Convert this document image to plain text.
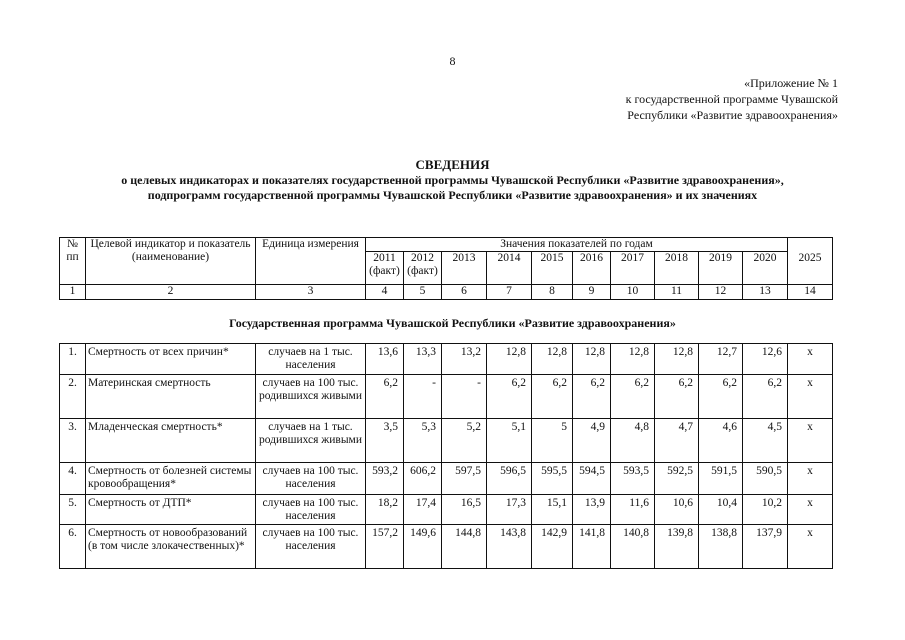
8
«Приложение № 1
к государственной программе Чувашской
Республики «Развитие здравоохранения»
СВЕДЕНИЯ
о целевых индикаторах и показателях государственной программы Чувашской Республики «Развитие здравоохранения»,
подпрограмм государственной программы Чувашской Республики «Развитие здравоохранения» и их значениях
№ пп	Целевой индикатор и показатель (наименование)	Единица измерения	Значения показателей по годам										
			2011 (факт)	2012 (факт)	2013	2014	2015	2016	2017	2018	2019	2020	2025
1	2	3	4	5	6	7	8	9	10	11	12	13	14
Государственная программа Чувашской Республики «Развитие здравоохранения»
1.	Смертность от всех причин*	случаев на 1 тыс. населения	13,6	13,3	13,2	12,8	12,8	12,8	12,8	12,8	12,7	12,6	х
2.	Материнская смертность	случаев на 100 тыс. родившихся живыми	6,2	-	-	6,2	6,2	6,2	6,2	6,2	6,2	6,2	х
3.	Младенческая смертность*	случаев на 1 тыс. родившихся живыми	3,5	5,3	5,2	5,1	5	4,9	4,8	4,7	4,6	4,5	х
4.	Смертность от болезней системы кровообращения*	случаев на 100 тыс. населения	593,2	606,2	597,5	596,5	595,5	594,5	593,5	592,5	591,5	590,5	х
5.	Смертность от ДТП*	случаев на 100 тыс. населения	18,2	17,4	16,5	17,3	15,1	13,9	11,6	10,6	10,4	10,2	х
6.	Смертность от новообразований (в том числе злокачественных)*	случаев на 100 тыс. населения	157,2	149,6	144,8	143,8	142,9	141,8	140,8	139,8	138,8	137,9	х
